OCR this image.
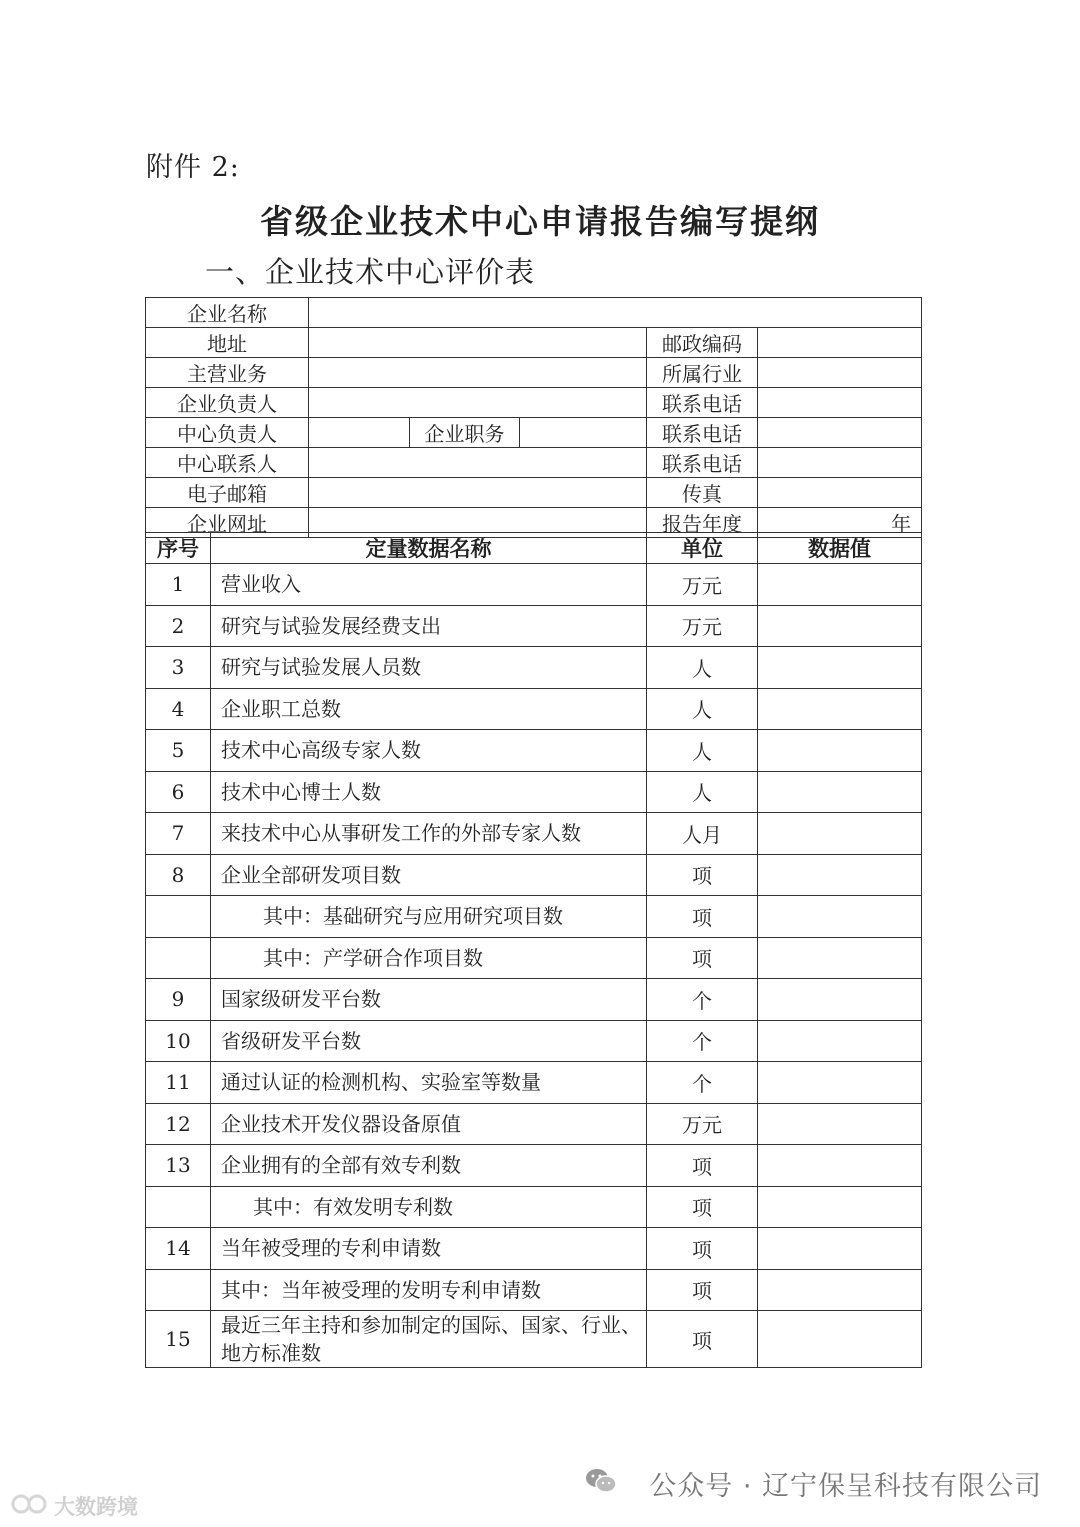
附件 2:
省级企业技术中心申请报告编写提纲
一、企业技术中心评价表
企业名称					
地址				邮政编码	
主营业务				所属行业	
企业负责人				联系电话	
中心负责人		企业职务		联系电话	
中心联系人				联系电话	
电子邮箱				传真	
企业网址				报告年度	年
序号	定量数据名称	单位	数据值
1	营业收入	万元	
2	研究与试验发展经费支出	万元	
3	研究与试验发展人员数	人	
4	企业职工总数	人	
5	技术中心高级专家人数	人	
6	技术中心博士人数	人	
7	来技术中心从事研发工作的外部专家人数	人月	
8	企业全部研发项目数	项	
	其中：基础研究与应用研究项目数	项	
	其中：产学研合作项目数	项	
9	国家级研发平台数	个	
10	省级研发平台数	个	
11	通过认证的检测机构、实验室等数量	个	
12	企业技术开发仪器设备原值	万元	
13	企业拥有的全部有效专利数	项	
	其中：有效发明专利数	项	
14	当年被受理的专利申请数	项	
	其中：当年被受理的发明专利申请数	项	
15	最近三年主持和参加制定的国际、国家、行业、地方标准数	项	
公众号 · 辽宁保呈科技有限公司
大数跨境
